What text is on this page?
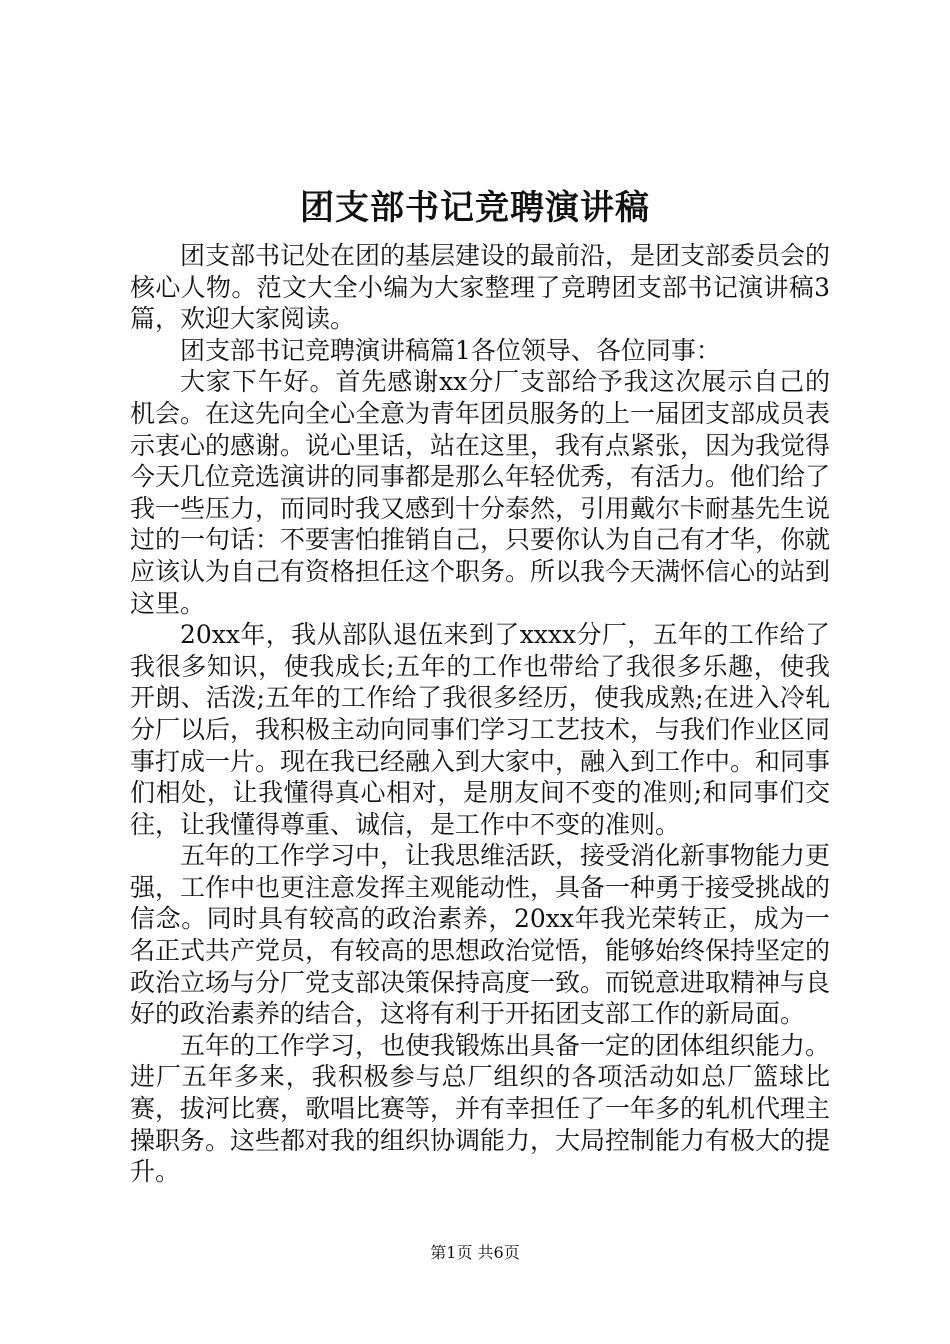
团支部书记竞聘演讲稿

团支部书记处在团的基层建设的最前沿，是团支部委员会的核心人物。范文大全小编为大家整理了竞聘团支部书记演讲稿3篇，欢迎大家阅读。

团支部书记竞聘演讲稿篇1各位领导、各位同事：

大家下午好。首先感谢xx分厂支部给予我这次展示自己的机会。在这先向全心全意为青年团员服务的上一届团支部成员表示衷心的感谢。说心里话，站在这里，我有点紧张，因为我觉得今天几位竞选演讲的同事都是那么年轻优秀，有活力。他们给了我一些压力，而同时我又感到十分泰然，引用戴尔卡耐基先生说过的一句话：不要害怕推销自己，只要你认为自己有才华，你就应该认为自己有资格担任这个职务。所以我今天满怀信心的站到这里。

20xx年，我从部队退伍来到了xxxx分厂，五年的工作给了我很多知识，使我成长;五年的工作也带给了我很多乐趣，使我开朗、活泼;五年的工作给了我很多经历，使我成熟;在进入冷轧分厂以后，我积极主动向同事们学习工艺技术，与我们作业区同事打成一片。现在我已经融入到大家中，融入到工作中。和同事们相处，让我懂得真心相对，是朋友间不变的准则;和同事们交往，让我懂得尊重、诚信，是工作中不变的准则。

五年的工作学习中，让我思维活跃，接受消化新事物能力更强，工作中也更注意发挥主观能动性，具备一种勇于接受挑战的信念。同时具有较高的政治素养，20xx年我光荣转正，成为一名正式共产党员，有较高的思想政治觉悟，能够始终保持坚定的政治立场与分厂党支部决策保持高度一致。而锐意进取精神与良好的政治素养的结合，这将有利于开拓团支部工作的新局面。

五年的工作学习，也使我锻炼出具备一定的团体组织能力。进厂五年多来，我积极参与总厂组织的各项活动如总厂篮球比赛，拔河比赛，歌唱比赛等，并有幸担任了一年多的轧机代理主操职务。这些都对我的组织协调能力，大局控制能力有极大的提升。

第1页 共6页
